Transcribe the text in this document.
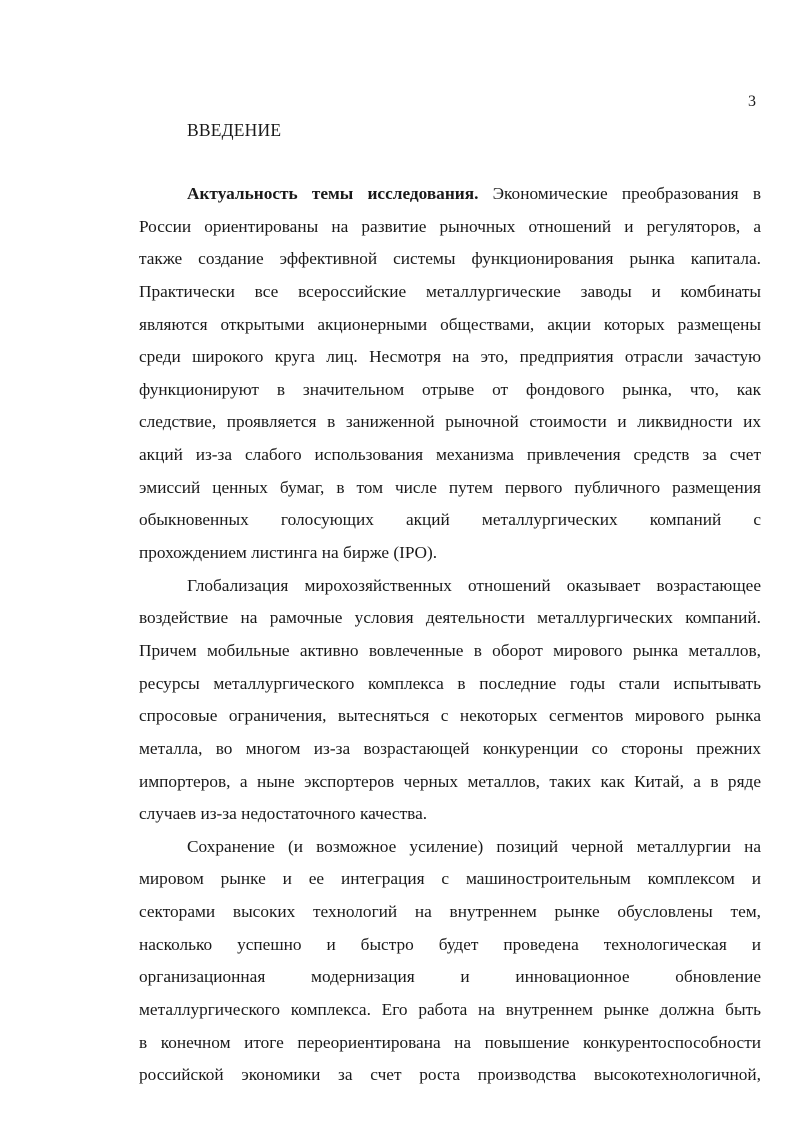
3
ВВЕДЕНИЕ
Актуальность темы исследования. Экономические преобразования в
России ориентированы на развитие рыночных отношений и регуляторов, а
также создание эффективной системы функционирования рынка капитала.
Практически все всероссийские металлургические заводы и комбинаты
являются открытыми акционерными обществами, акции которых размещены
среди широкого круга лиц. Несмотря на это, предприятия отрасли зачастую
функционируют в значительном отрыве от фондового рынка, что, как
следствие, проявляется в заниженной рыночной стоимости и ликвидности их
акций из-за слабого использования механизма привлечения средств за счет
эмиссий ценных бумаг, в том числе путем первого публичного размещения
обыкновенных голосующих акций металлургических компаний с
прохождением листинга на бирже (IPO).
Глобализация мирохозяйственных отношений оказывает возрастающее
воздействие на рамочные условия деятельности металлургических компаний.
Причем мобильные активно вовлеченные в оборот мирового рынка металлов,
ресурсы металлургического комплекса в последние годы стали испытывать
спросовые ограничения, вытесняться с некоторых сегментов мирового рынка
металла, во многом из-за возрастающей конкуренции со стороны прежних
импортеров, а ныне экспортеров черных металлов, таких как Китай, а в ряде
случаев из-за недостаточного качества.
Сохранение (и возможное усиление) позиций черной металлургии на
мировом рынке и ее интеграция с машиностроительным комплексом и
секторами высоких технологий на внутреннем рынке обусловлены тем,
насколько успешно и быстро будет проведена технологическая и
организационная модернизация и инновационное обновление
металлургического комплекса. Его работа на внутреннем рынке должна быть
в конечном итоге переориентирована на повышение конкурентоспособности
российской экономики за счет роста производства высокотехнологичной,
